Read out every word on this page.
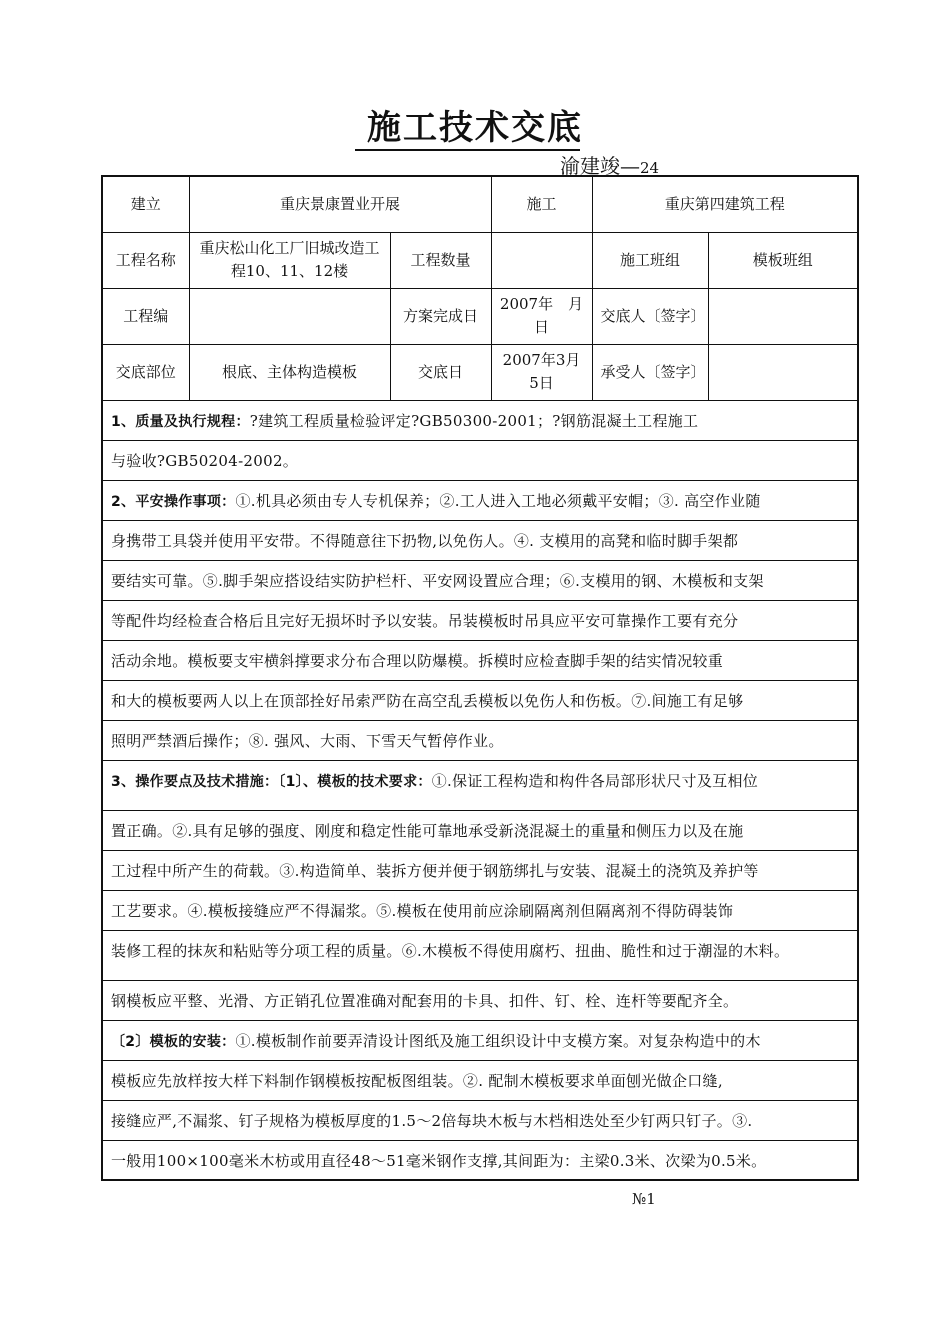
施工技术交底
渝建竣—24
建立	重庆景康置业开展		施工	重庆第四建筑工程	
工程名称	重庆松山化工厂旧城改造工程10、11、12楼	工程数量		施工班组	模板班组
工程编		方案完成日	2007年　月日	交底人〔签字〕	
交底部位	根底、主体构造模板	交底日	2007年3月5日	承受人〔签字〕	
1、质量及执行规程：?建筑工程质量检验评定?GB50300-2001；?钢筋混凝土工程施工					
与验收?GB50204-2002。					
2、平安操作事项：①.机具必须由专人专机保养；②.工人进入工地必须戴平安帽；③. 高空作业随					
身携带工具袋并使用平安带。不得随意往下扔物,以免伤人。④. 支模用的高凳和临时脚手架都					
要结实可靠。⑤.脚手架应搭设结实防护栏杆、平安网设置应合理；⑥.支模用的钢、木模板和支架					
等配件均经检查合格后且完好无损坏时予以安装。吊装模板时吊具应平安可靠操作工要有充分					
活动余地。模板要支牢横斜撑要求分布合理以防爆模。拆模时应检查脚手架的结实情况较重					
和大的模板要两人以上在顶部拴好吊索严防在高空乱丢模板以免伤人和伤板。⑦.间施工有足够					
照明严禁酒后操作；⑧. 强风、大雨、下雪天气暂停作业。					
3、操作要点及技术措施：〔1〕、模板的技术要求：①.保证工程构造和构件各局部形状尺寸及互相位					
置正确。②.具有足够的强度、刚度和稳定性能可靠地承受新浇混凝土的重量和侧压力以及在施					
工过程中所产生的荷载。③.构造简单、装拆方便并便于钢筋绑扎与安装、混凝土的浇筑及养护等					
工艺要求。④.模板接缝应严不得漏浆。⑤.模板在使用前应涂刷隔离剂但隔离剂不得防碍装饰					
装修工程的抹灰和粘贴等分项工程的质量。⑥.木模板不得使用腐朽、扭曲、脆性和过于潮湿的木料。					
钢模板应平整、光滑、方正销孔位置准确对配套用的卡具、扣件、钉、栓、连杆等要配齐全。					
〔2〕模板的安装：①.模板制作前要弄清设计图纸及施工组织设计中支模方案。对复杂构造中的木					
模板应先放样按大样下料制作钢模板按配板图组装。②. 配制木模板要求单面刨光做企口缝,					
接缝应严,不漏浆、钉子规格为模板厚度的1.5～2倍每块木板与木档相迭处至少钉两只钉子。③.					
一般用100×100毫米木枋或用直径48～51毫米钢作支撑,其间距为：主梁0.3米、次梁为0.5米。					
№1
